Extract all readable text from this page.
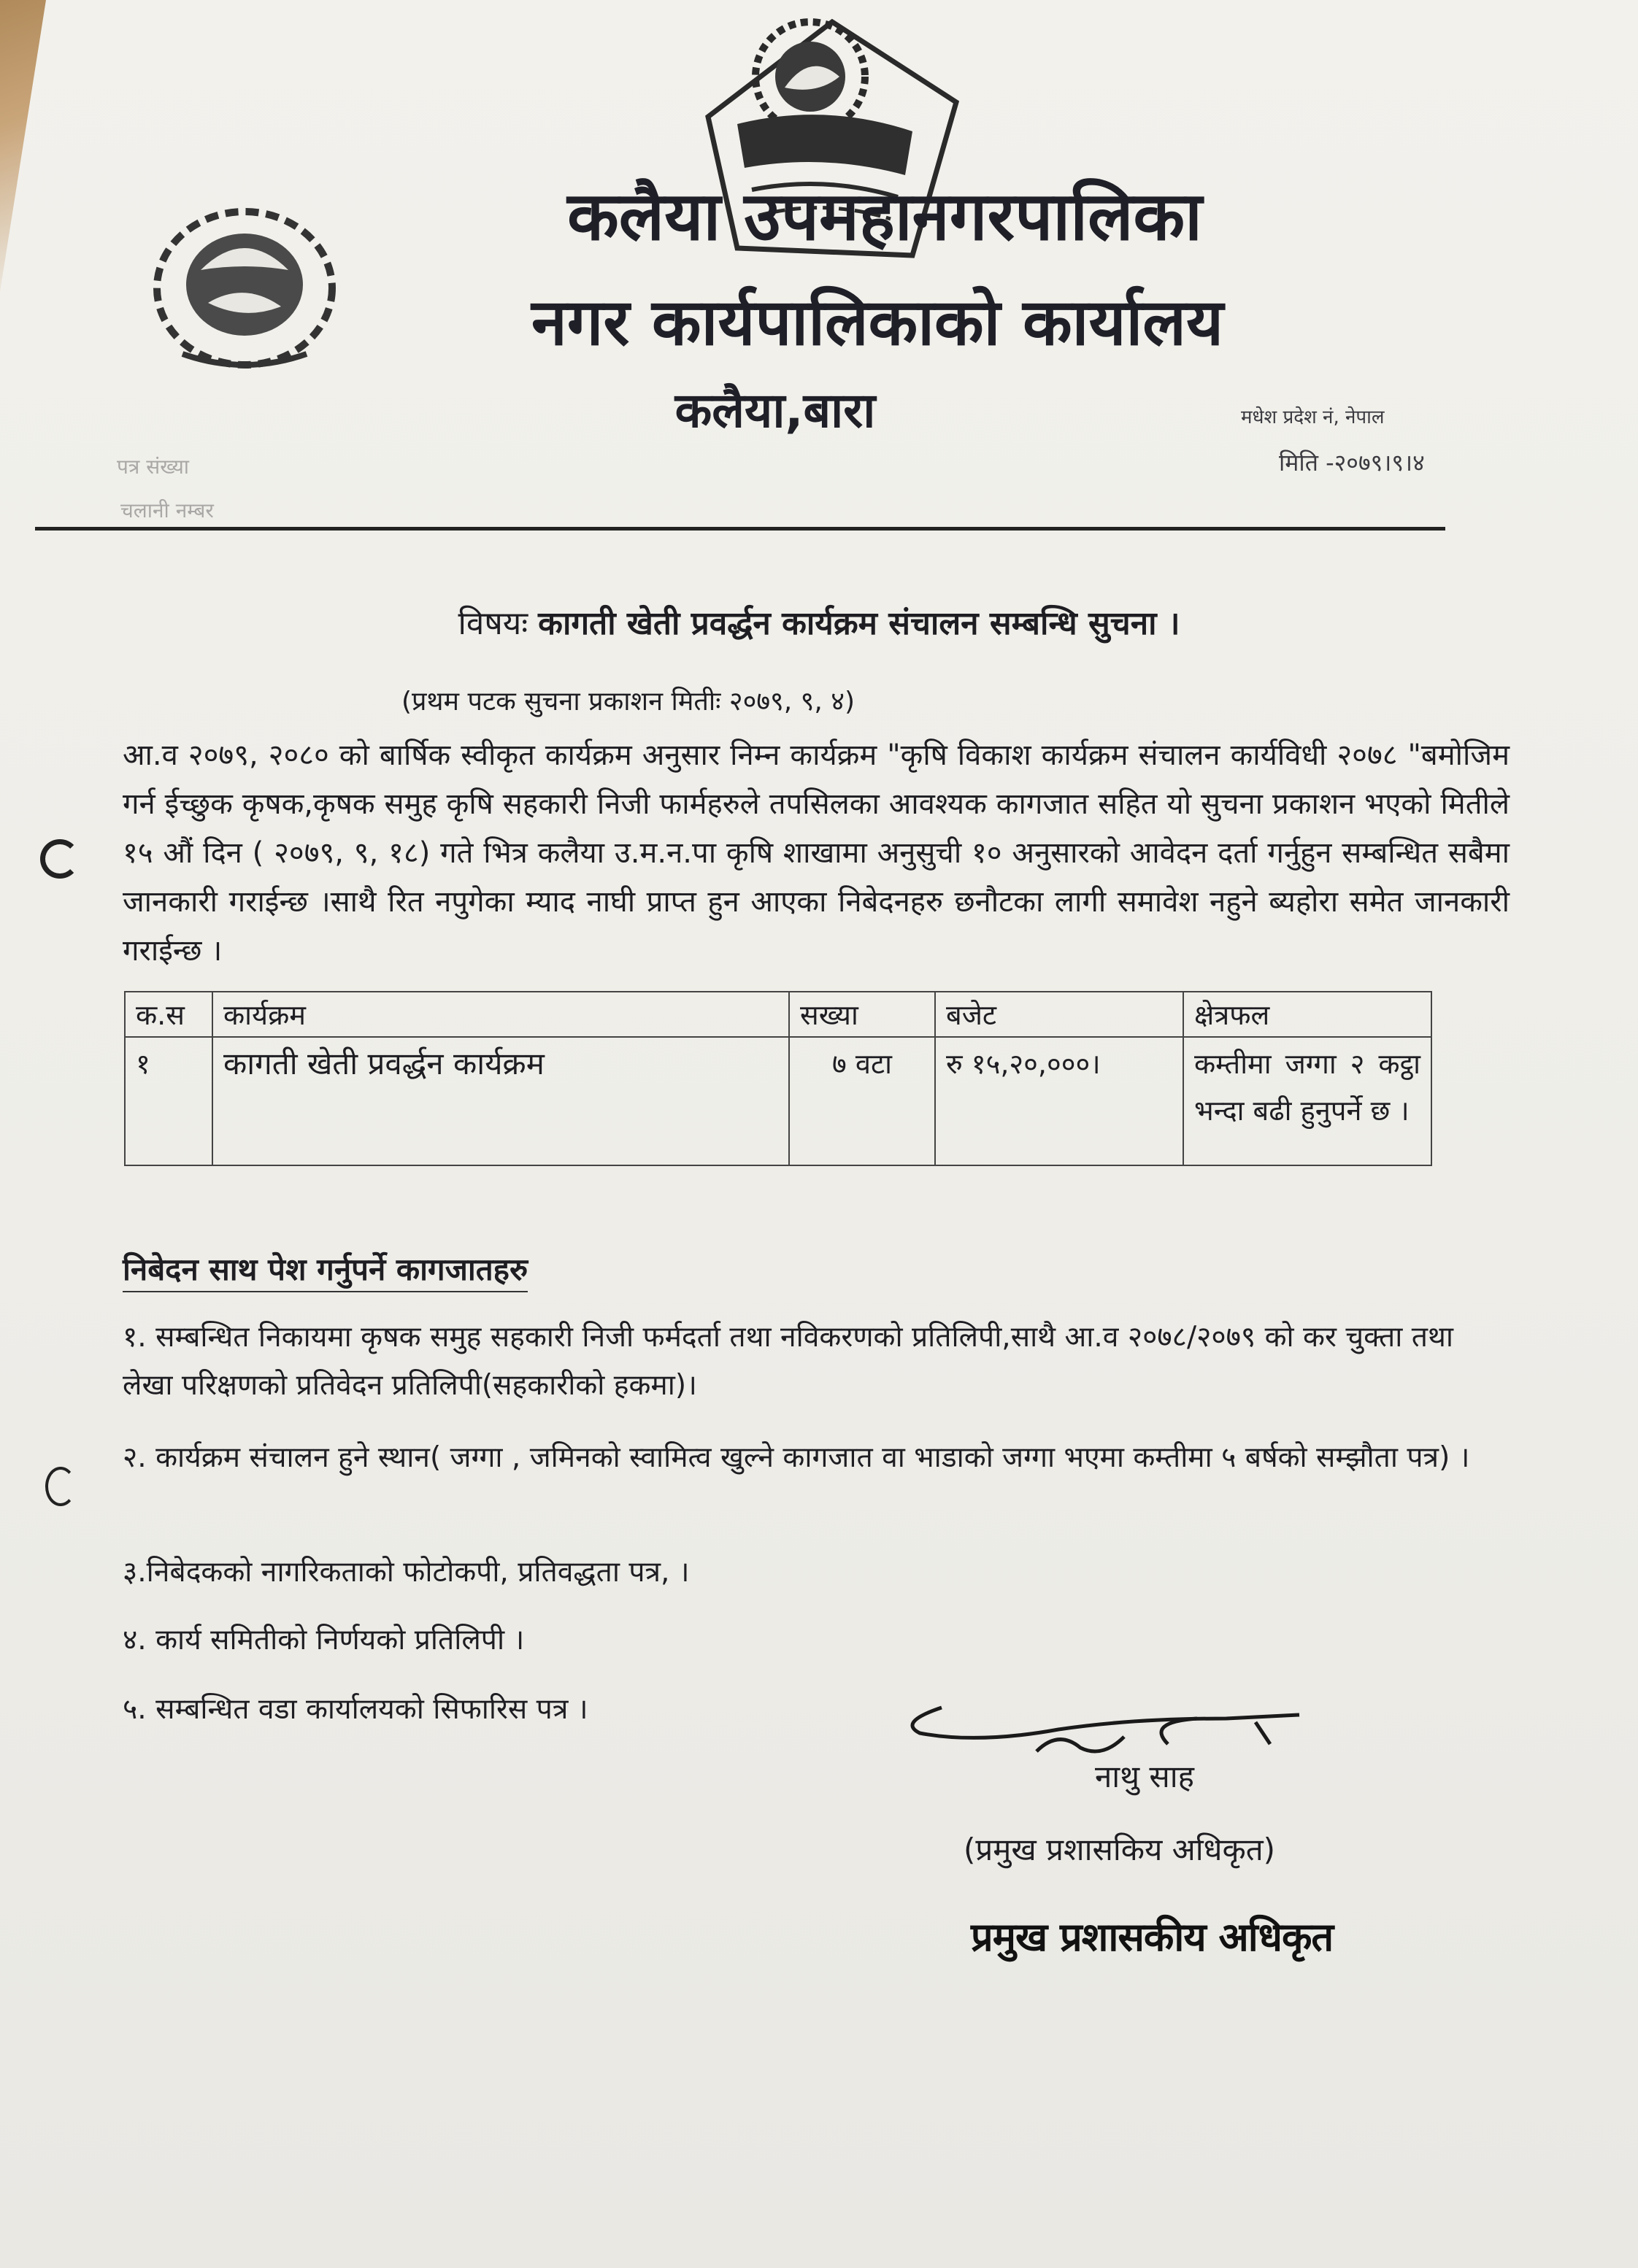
कलैया उपमहानगरपालिका
नगर कार्यपालिकाको कार्यालय
कलैया,बारा
पत्र संख्या
चलानी नम्बर
मधेश प्रदेश नं, नेपाल
मिति -२०७९।९।४
विषयः कागती खेती प्रवर्द्धन कार्यक्रम संचालन सम्बन्धि सुचना ।
(प्रथम पटक सुचना प्रकाशन मितीः २०७९, ९, ४)
आ.व २०७९, २०८० को बार्षिक स्वीकृत कार्यक्रम अनुसार निम्न कार्यक्रम "कृषि विकाश कार्यक्रम संचालन कार्यविधी २०७८ "बमोजिम गर्न ईच्छुक कृषक,कृषक समुह कृषि सहकारी निजी फार्महरुले तपसिलका आवश्यक कागजात सहित यो सुचना प्रकाशन भएको मितीले १५ औं दिन ( २०७९, ९, १८) गते भित्र कलैया उ.म.न.पा कृषि शाखामा अनुसुची १० अनुसारको आवेदन दर्ता गर्नुहुन सम्बन्धित सबैमा जानकारी गराईन्छ ।साथै रित नपुगेका म्याद नाघी प्राप्त हुन आएका निबेदनहरु छनौटका लागी समावेश नहुने ब्यहोरा समेत जानकारी गराईन्छ ।
क.स	कार्यक्रम	सख्या	बजेट	क्षेत्रफल
१	कागती खेती प्रवर्द्धन कार्यक्रम	७ वटा	रु १५,२०,०००।	कम्तीमा जग्गा २ कट्ठा भन्दा बढी हुनुपर्ने छ ।
निबेदन साथ पेश गर्नुपर्ने कागजातहरु
१. सम्बन्धित निकायमा कृषक समुह सहकारी निजी फर्मदर्ता तथा नविकरणको प्रतिलिपी,साथै आ.व २०७८/२०७९ को कर चुक्ता तथा लेखा परिक्षणको प्रतिवेदन प्रतिलिपी(सहकारीको हकमा)।
२. कार्यक्रम संचालन हुने स्थान( जग्गा , जमिनको स्वामित्व खुल्ने कागजात वा भाडाको जग्गा भएमा कम्तीमा ५ बर्षको सम्झौता पत्र) ।
३.निबेदकको नागरिकताको फोटोकपी, प्रतिवद्धता पत्र, ।
४. कार्य समितीको निर्णयको प्रतिलिपी ।
५. सम्बन्धित वडा कार्यालयको सिफारिस पत्र ।
नाथु साह
(प्रमुख प्रशासकिय अधिकृत)
प्रमुख प्रशासकीय अधिकृत
